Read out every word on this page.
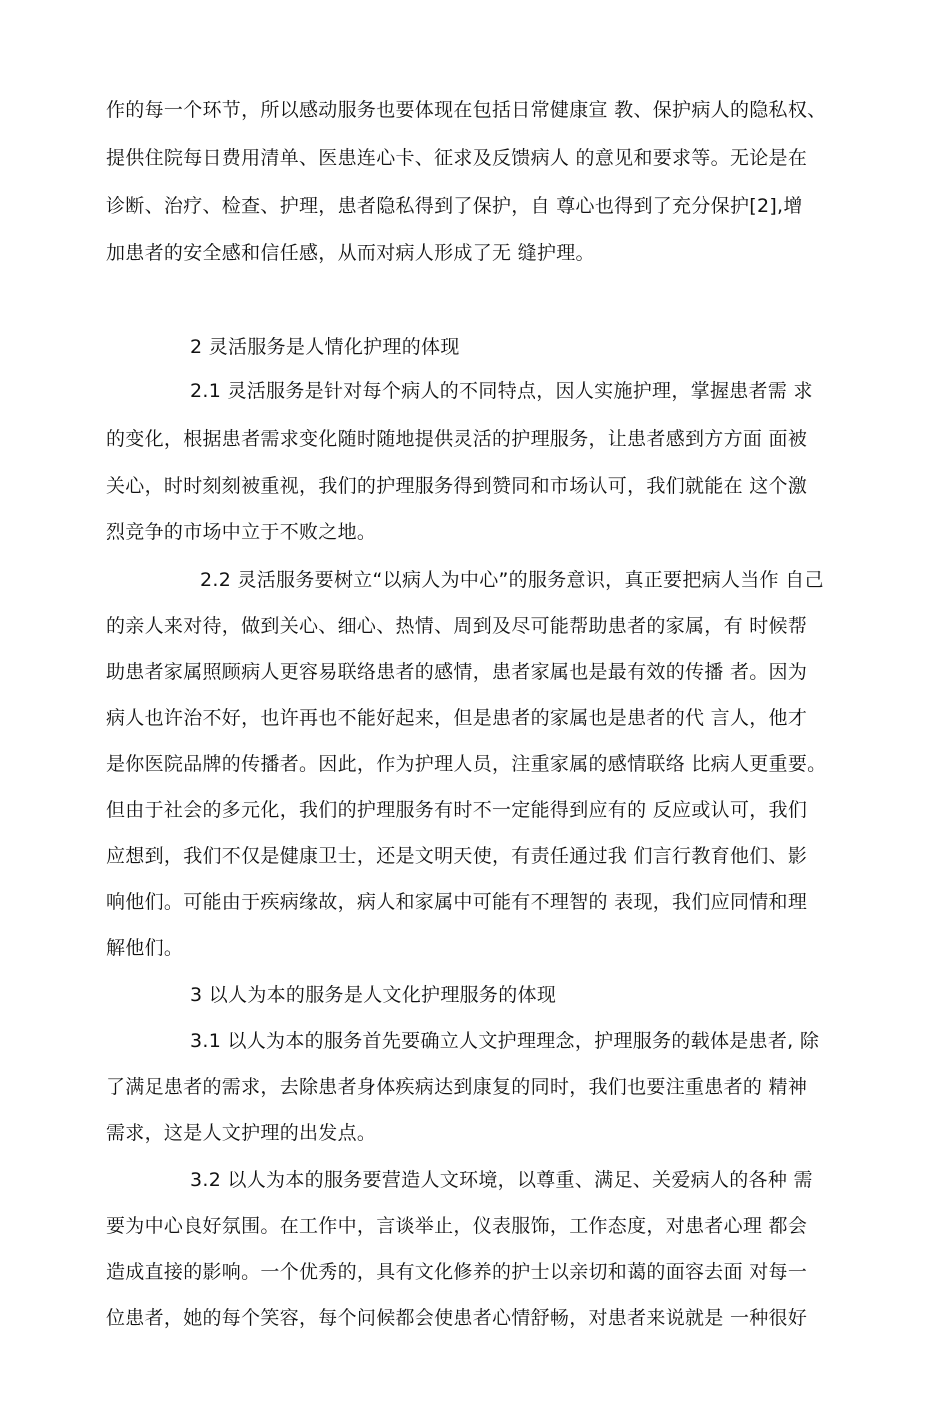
作的每一个环节，所以感动服务也要体现在包括日常健康宣 教、保护病人的隐私权、
提供住院每日费用清单、医患连心卡、征求及反馈病人 的意见和要求等。无论是在
诊断、治疗、检查、护理，患者隐私得到了保护，自 尊心也得到了充分保护[2],增
加患者的安全感和信任感，从而对病人形成了无 缝护理。
2 灵活服务是人情化护理的体现
2.1 灵活服务是针对每个病人的不同特点，因人实施护理，掌握患者需 求
的变化，根据患者需求变化随时随地提供灵活的护理服务，让患者感到方方面 面被
关心，时时刻刻被重视，我们的护理服务得到赞同和市场认可，我们就能在 这个激
烈竞争的市场中立于不败之地。
2.2 灵活服务要树立“以病人为中心”的服务意识，真正要把病人当作 自己
的亲人来对待，做到关心、细心、热情、周到及尽可能帮助患者的家属，有 时候帮
助患者家属照顾病人更容易联络患者的感情，患者家属也是最有效的传播 者。因为
病人也许治不好，也许再也不能好起来，但是患者的家属也是患者的代 言人，他才
是你医院品牌的传播者。因此，作为护理人员，注重家属的感情联络 比病人更重要。
但由于社会的多元化，我们的护理服务有时不一定能得到应有的 反应或认可，我们
应想到，我们不仅是健康卫士，还是文明天使，有责任通过我 们言行教育他们、影
响他们。可能由于疾病缘故，病人和家属中可能有不理智的 表现，我们应同情和理
解他们。
3 以人为本的服务是人文化护理服务的体现
3.1 以人为本的服务首先要确立人文护理理念，护理服务的载体是患者, 除
了满足患者的需求，去除患者身体疾病达到康复的同时，我们也要注重患者的 精神
需求，这是人文护理的出发点。
3.2 以人为本的服务要营造人文环境，以尊重、满足、关爱病人的各种 需
要为中心良好氛围。在工作中，言谈举止，仪表服饰，工作态度，对患者心理 都会
造成直接的影响。一个优秀的，具有文化修养的护士以亲切和蔼的面容去面 对每一
位患者，她的每个笑容，每个问候都会使患者心情舒畅，对患者来说就是 一种很好
